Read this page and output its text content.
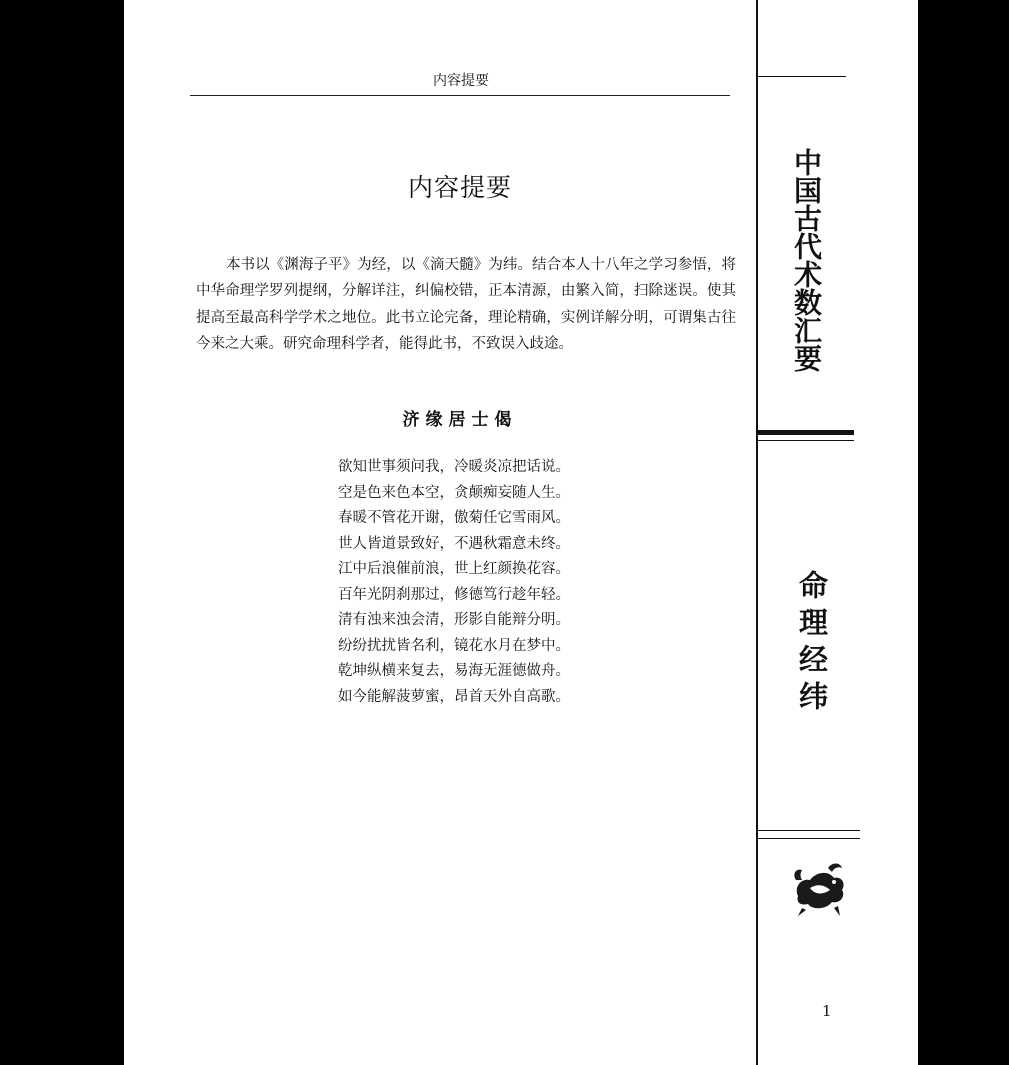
内容提要
内容提要

本书以《渊海子平》为经，以《滴天髓》为纬。结合本人十八年之学习参悟，将中华命理学罗列提纲，分解详注，纠偏校错，正本清源，由繁入简，扫除迷误。使其提高至最高科学学术之地位。此书立论完备，理论精确，实例详解分明，可谓集古往今来之大乘。研究命理科学者，能得此书，不致误入歧途。

济缘居士偈
欲知世事须问我，冷暖炎凉把话说。
空是色来色本空，贪颠痴妄随人生。
春暖不管花开谢，傲菊任它雪雨风。
世人皆道景致好，不遇秋霜意未终。
江中后浪催前浪，世上红颜换花容。
百年光阴刹那过，修德笃行趁年轻。
清有浊来浊会清，形影自能辩分明。
纷纷扰扰皆名利，镜花水月在梦中。
乾坤纵横来复去，易海无涯德做舟。
如今能解菠萝蜜，昂首天外自高歌。
中国古代术数汇要
命理经纬
1
